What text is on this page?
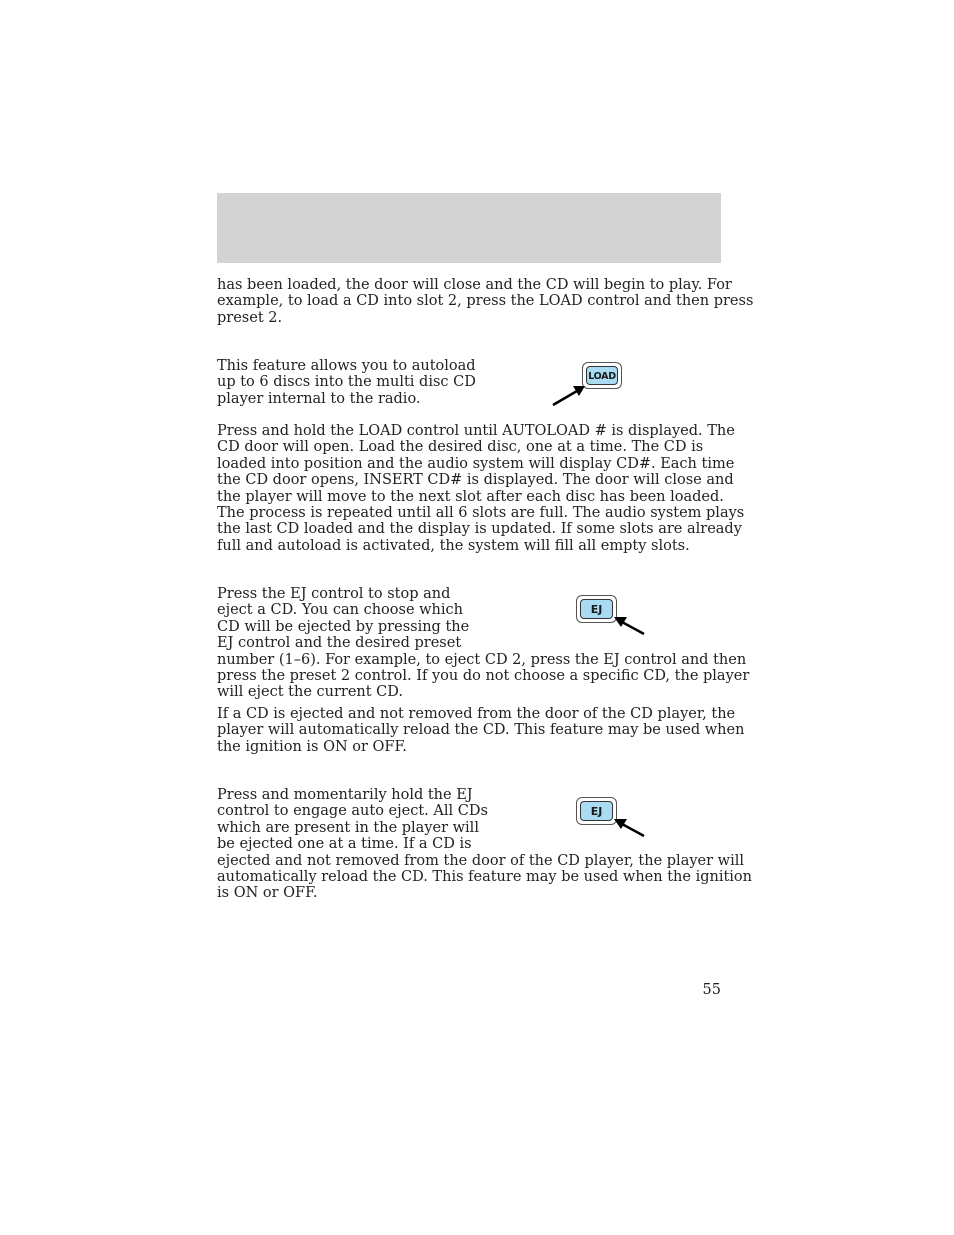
has been loaded, the door will close and the CD will begin to play. For
example, to load a CD into slot 2, press the LOAD control and then press
preset 2.

This feature allows you to autoload
up to 6 discs into the multi disc CD
player internal to the radio.

LOAD

Press and hold the LOAD control until AUTOLOAD # is displayed. The
CD door will open. Load the desired disc, one at a time. The CD is
loaded into position and the audio system will display CD#. Each time
the CD door opens, INSERT CD# is displayed. The door will close and
the player will move to the next slot after each disc has been loaded.
The process is repeated until all 6 slots are full. The audio system plays
the last CD loaded and the display is updated. If some slots are already
full and autoload is activated, the system will fill all empty slots.

Press the EJ control to stop and
eject a CD. You can choose which
CD will be ejected by pressing the
EJ control and the desired preset
number (1–6). For example, to eject CD 2, press the EJ control and then
press the preset 2 control. If you do not choose a specific CD, the player
will eject the current CD.

EJ

If a CD is ejected and not removed from the door of the CD player, the
player will automatically reload the CD. This feature may be used when
the ignition is ON or OFF.

Press and momentarily hold the EJ
control to engage auto eject. All CDs
which are present in the player will
be ejected one at a time. If a CD is
ejected and not removed from the door of the CD player, the player will
automatically reload the CD. This feature may be used when the ignition
is ON or OFF.

EJ
55
